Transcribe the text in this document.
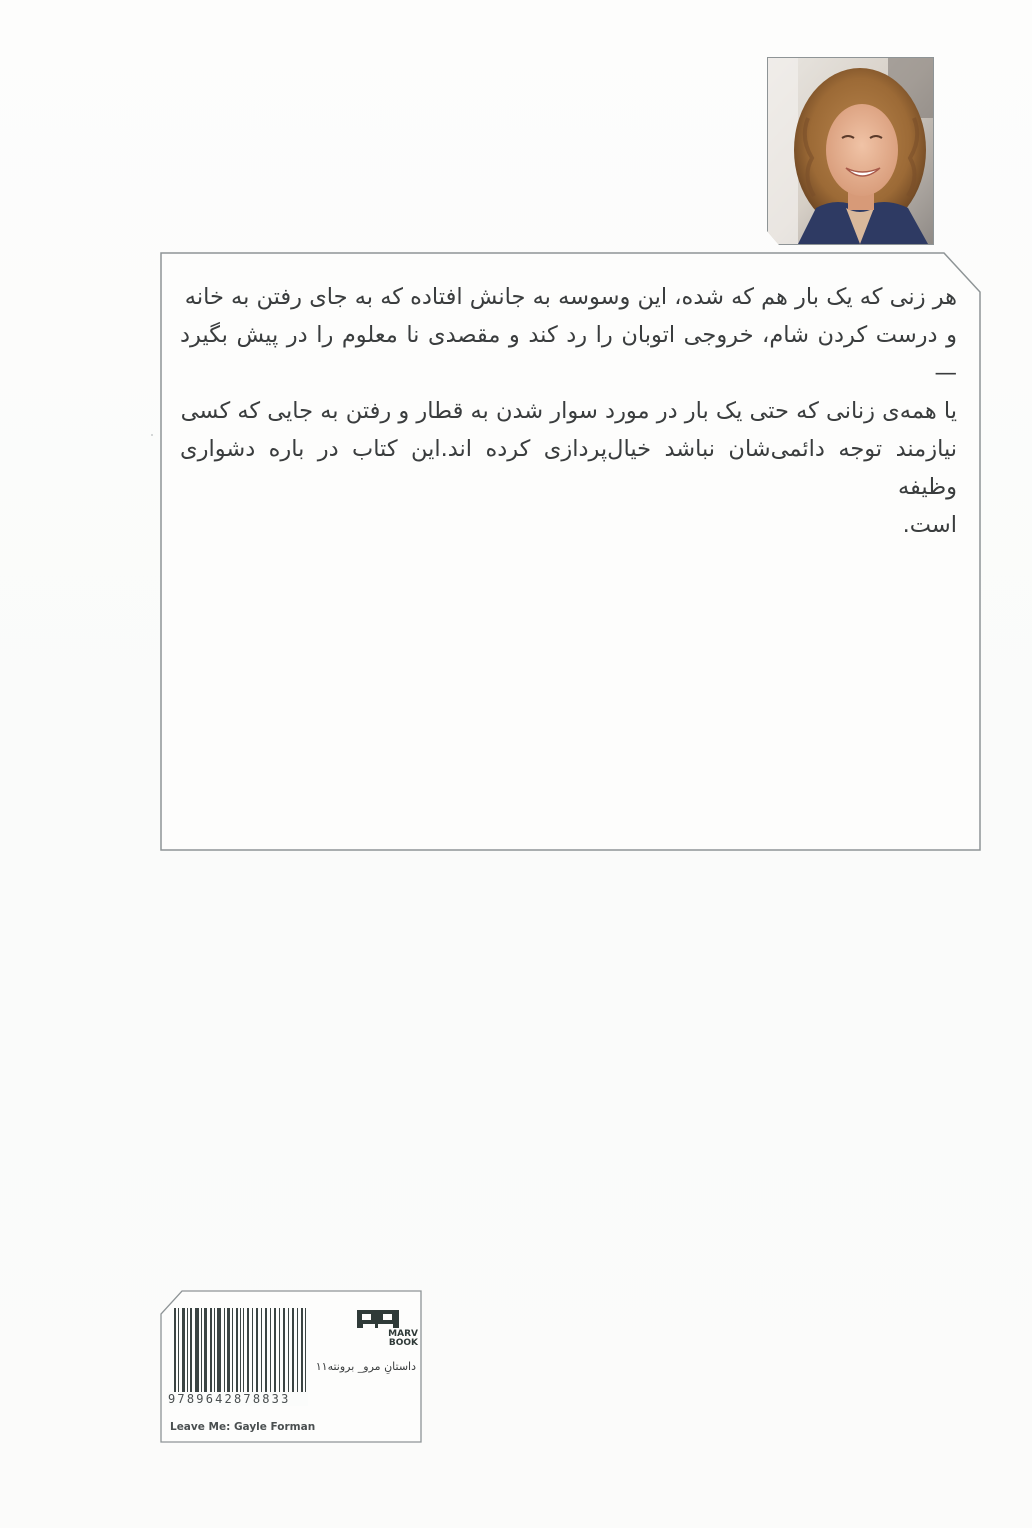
هر زنی که یک بار هم که شده، این وسوسه به جانش افتاده که به جای رفتن به خانه
و درست کردن شام، خروجی اتوبان را رد کند و مقصدی نا معلوم را در پیش بگیرد—
یا همه‌ی زنانی که حتی یک بار در مورد سوار شدن به قطار و رفتن به جایی که کسی
نیازمند توجه دائمی‌شان نباشد خیال‌پردازی کرده اند.این کتاب در باره دشواری وظیفه
است.
9789642878833
MARV
BOOK
داستانِ مرو_ برونته۱۱
Leave Me: Gayle Forman
